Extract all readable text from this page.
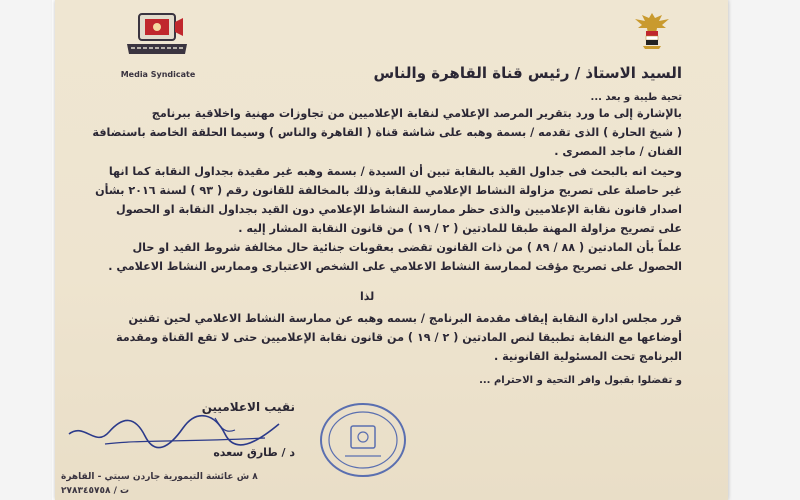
Media Syndicate	السيد الاستاذ / رئيس قناة القاهرة والناس
تحية طيبة و بعد ...
بالإشارة إلى ما ورد بتقرير المرصد الإعلامي لنقابة الإعلاميين من تجاوزات مهنية واخلاقية ببرنامج
( شيخ الحارة ) الذى تقدمه / بسمة وهبه على شاشة قناة ( القاهرة والناس ) وسيما الحلقة الخاصة باستضافة
الفنان / ماجد المصرى .
وحيث انه بالبحث فى جداول القيد بالنقابة تبين أن السيدة / بسمة وهبه غير مقيدة بجداول النقابة كما انها
غير حاصلة على تصريح مزاولة النشاط الإعلامي للنقابة وذلك بالمخالفة للقانون رقم ( ٩٣ ) لسنة ٢٠١٦ بشأن
اصدار قانون نقابة الإعلاميين والذى حظر ممارسة النشاط الإعلامي دون القيد بجداول النقابة او الحصول
على تصريح مزاولة المهنة طبقا للمادتين ( ٢ / ١٩ ) من قانون النقابة المشار إليه .
علماً بأن المادتين ( ٨٨ / ٨٩ ) من ذات القانون تقضى بعقوبات جنائية حال مخالفة شروط القيد او حال
الحصول على تصريح مؤقت لممارسة النشاط الاعلامي على الشخص الاعتبارى وممارس النشاط الاعلامي .
لذا
قرر مجلس ادارة النقابة إيقاف مقدمة البرنامج / بسمه وهبه عن ممارسة النشاط الاعلامي لحين تقنين
أوضاعها مع النقابة تطبيقا لنص المادتين ( ٢ / ١٩ ) من قانون نقابة الإعلاميين حتى لا تقع القناة ومقدمة
البرنامج تحت المسئولية القانونية .
و تفضلوا بقبول وافر التحية و الاحترام ...
نقيب الاعلاميين
د / طارق سعده
٨ ش عائشة التيمورية جاردن سيتي - القاهرة
ت / ٢٧٨٣٤٥٧٥٨
